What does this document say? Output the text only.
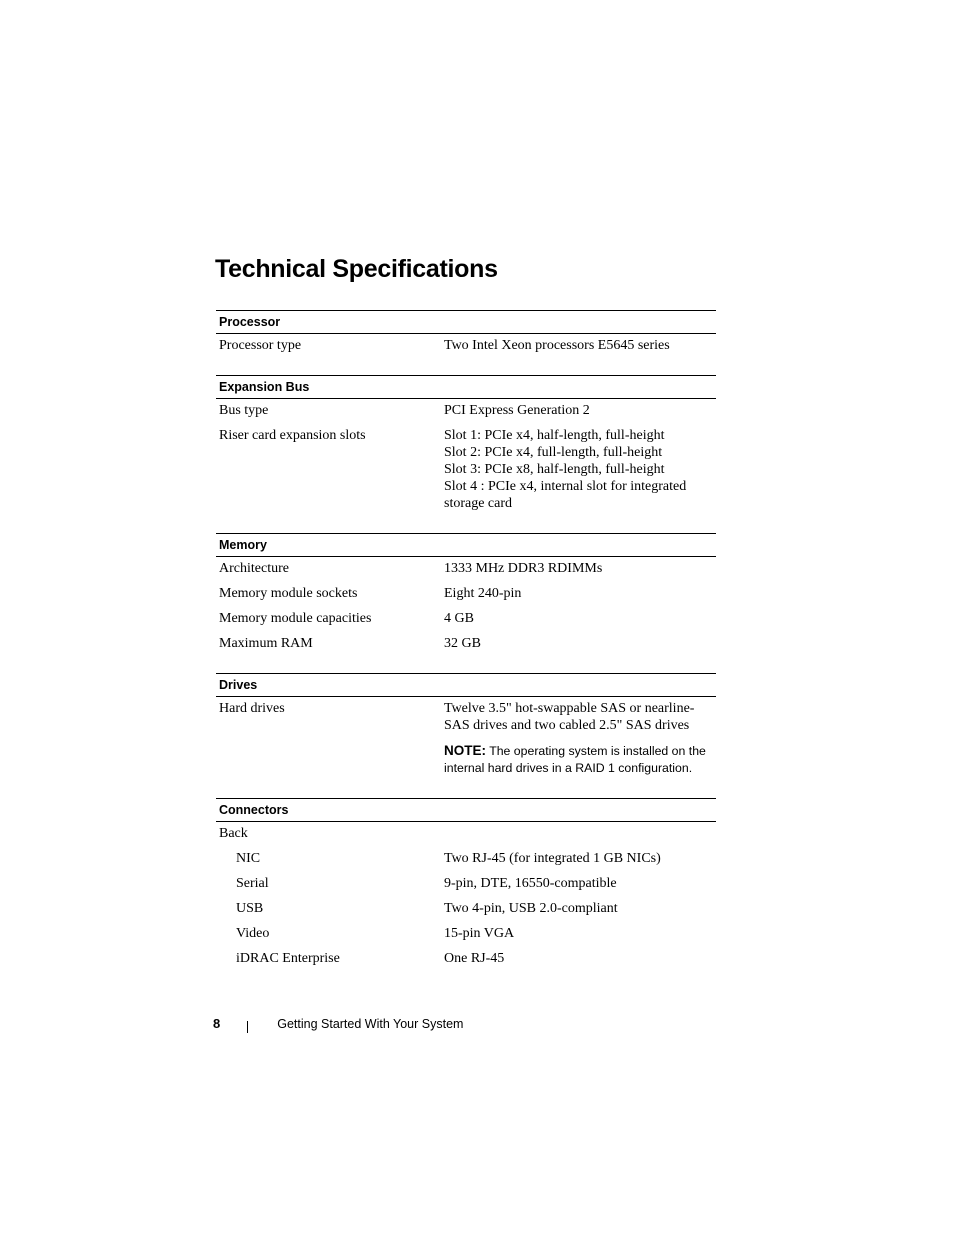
Technical Specifications
Processor
Processor type	Two Intel Xeon processors E5645 series
Expansion Bus
Bus type	PCI Express Generation 2
Riser card expansion slots	Slot 1: PCIe x4, half-length, full-height
Slot 2: PCIe x4, full-length, full-height
Slot 3: PCIe x8, half-length, full-height
Slot 4 : PCIe x4, internal slot for integrated
storage card
Memory
Architecture	1333 MHz DDR3 RDIMMs
Memory module sockets	Eight 240-pin
Memory module capacities	4 GB
Maximum RAM	32 GB
Drives
Hard drives	Twelve 3.5" hot-swappable SAS or nearline-
SAS drives and two cabled 2.5" SAS drives
NOTE: The operating system is installed on the
internal hard drives in a RAID 1 configuration.
Connectors
Back
NIC	Two RJ-45 (for integrated 1 GB NICs)
Serial	9-pin, DTE, 16550-compatible
USB	Two 4-pin, USB 2.0-compliant
Video	15-pin VGA
iDRAC Enterprise	One RJ-45
8	Getting Started With Your System
